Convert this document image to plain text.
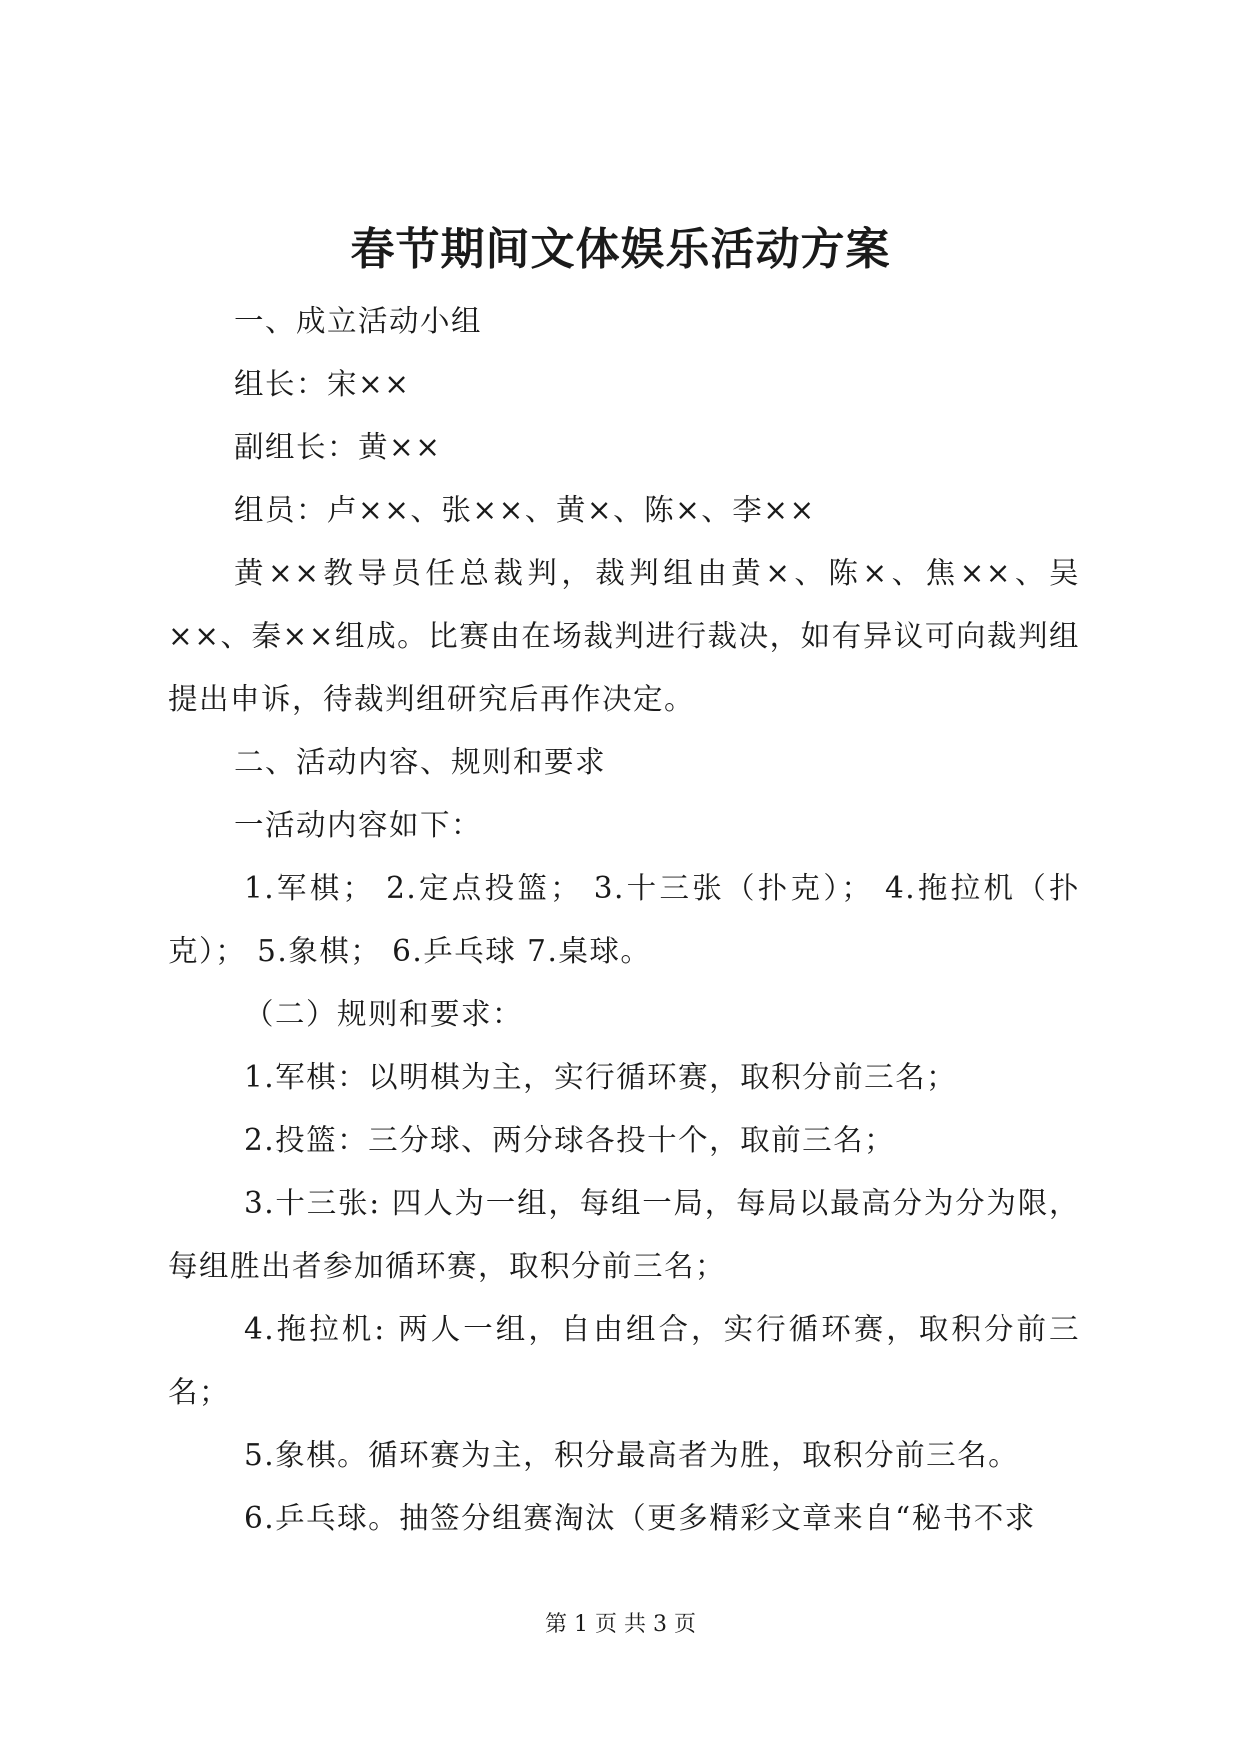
春节期间文体娱乐活动方案

一、成立活动小组

组长：宋××

副组长：黄××

组员：卢××、张××、黄×、陈×、李××

黄××教导员任总裁判，裁判组由黄×、陈×、焦××、吴××、秦××组成。比赛由在场裁判进行裁决，如有异议可向裁判组提出申诉，待裁判组研究后再作决定。

二、活动内容、规则和要求

一活动内容如下：

1.军棋； 2.定点投篮； 3.十三张（扑克）； 4.拖拉机（扑克）； 5.象棋； 6.乒乓球 7.桌球。

（二）规则和要求：

1.军棋：以明棋为主，实行循环赛，取积分前三名；

2.投篮：三分球、两分球各投十个，取前三名；

3.十三张: 四人为一组，每组一局，每局以最高分为分为限，每组胜出者参加循环赛，取积分前三名；

4.拖拉机: 两人一组，自由组合，实行循环赛，取积分前三名；

5.象棋。循环赛为主，积分最高者为胜，取积分前三名。

6.乒乓球。抽签分组赛淘汰（更多精彩文章来自“秘书不求

第 1 页 共 3 页
